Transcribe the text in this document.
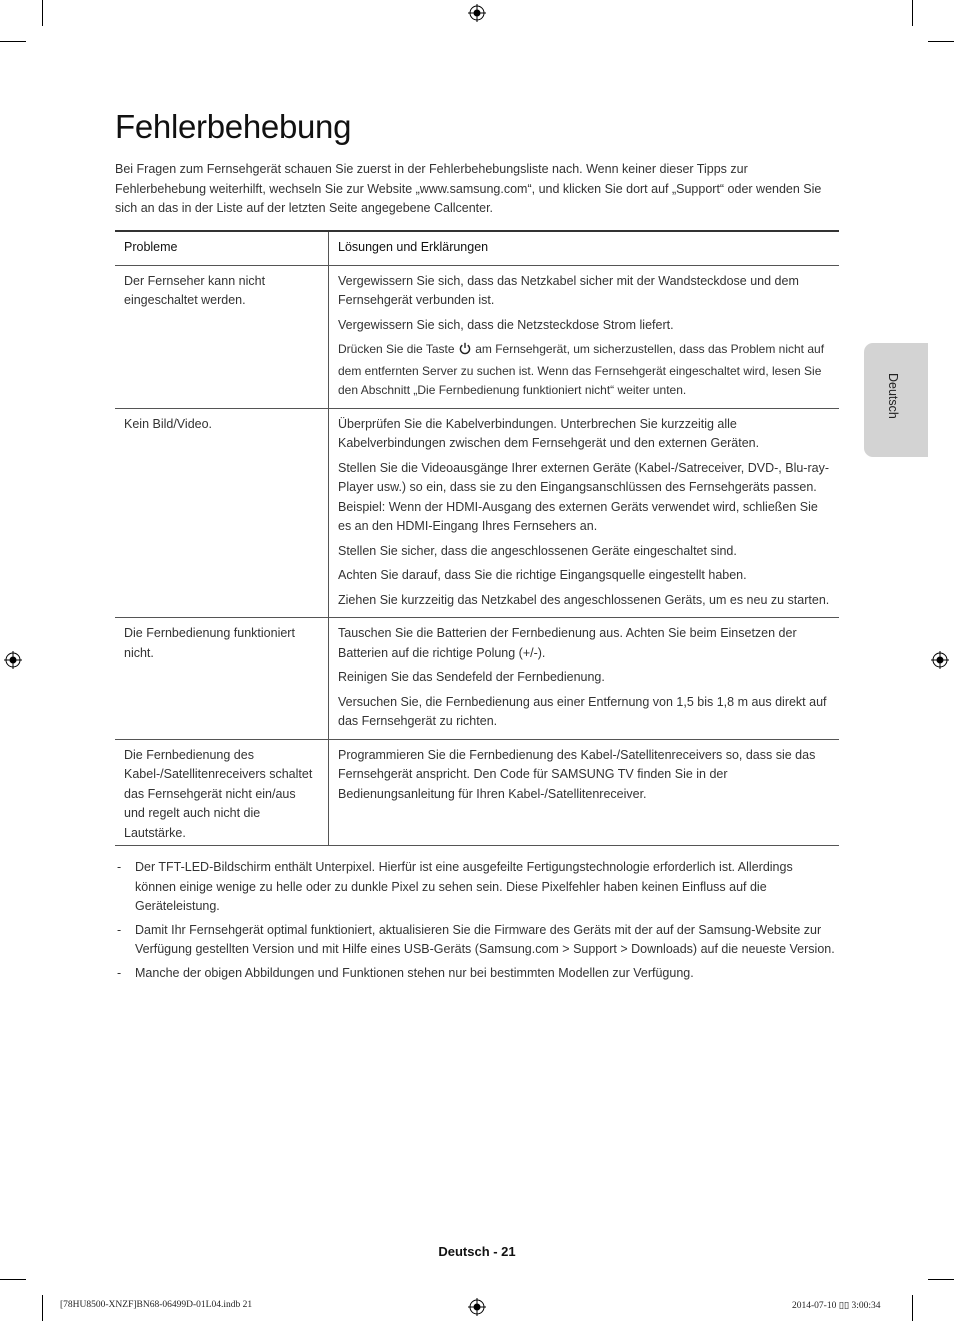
Fehlerbehebung

Bei Fragen zum Fernsehgerät schauen Sie zuerst in der Fehlerbehebungsliste nach. Wenn keiner dieser Tipps zur Fehlerbehebung weiterhilft, wechseln Sie zur Website „www.samsung.com“, und klicken Sie dort auf „Support“ oder wenden Sie sich an das in der Liste auf der letzten Seite angegebene Callcenter.

Probleme	Lösungen und Erklärungen
Der Fernseher kann nicht eingeschaltet werden.	Vergewissern Sie sich, dass das Netzkabel sicher mit der Wandsteckdose und dem Fernsehgerät verbunden ist.

Vergewissern Sie sich, dass die Netzsteckdose Strom liefert.

Drücken Sie die Taste am Fernsehgerät, um sicherzustellen, dass das Problem nicht auf dem entfernten Server zu suchen ist. Wenn das Fernsehgerät eingeschaltet wird, lesen Sie den Abschnitt „Die Fernbedienung funktioniert nicht“ weiter unten.

Kein Bild/Video.	Überprüfen Sie die Kabelverbindungen. Unterbrechen Sie kurzzeitig alle Kabelverbindungen zwischen dem Fernsehgerät und den externen Geräten.

Stellen Sie die Videoausgänge Ihrer externen Geräte (Kabel-/Satreceiver, DVD-, Blu-ray-Player usw.) so ein, dass sie zu den Eingangsanschlüssen des Fernsehgeräts passen. Beispiel: Wenn der HDMI-Ausgang des externen Geräts verwendet wird, schließen Sie es an den HDMI-Eingang Ihres Fernsehers an.

Stellen Sie sicher, dass die angeschlossenen Geräte eingeschaltet sind.

Achten Sie darauf, dass Sie die richtige Eingangsquelle eingestellt haben.

Ziehen Sie kurzzeitig das Netzkabel des angeschlossenen Geräts, um es neu zu starten.

Die Fernbedienung funktioniert nicht.	Tauschen Sie die Batterien der Fernbedienung aus. Achten Sie beim Einsetzen der Batterien auf die richtige Polung (+/-).

Reinigen Sie das Sendefeld der Fernbedienung.

Versuchen Sie, die Fernbedienung aus einer Entfernung von 1,5 bis 1,8 m aus direkt auf das Fernsehgerät zu richten.

Die Fernbedienung des Kabel-/Satellitenreceivers schaltet das Fernsehgerät nicht ein/aus und regelt auch nicht die Lautstärke.	Programmieren Sie die Fernbedienung des Kabel-/Satellitenreceivers so, dass sie das Fernsehgerät anspricht. Den Code für SAMSUNG TV finden Sie in der Bedienungsanleitung für Ihren Kabel-/Satellitenreceiver.

- Der TFT-LED-Bildschirm enthält Unterpixel. Hierfür ist eine ausgefeilte Fertigungstechnologie erforderlich ist. Allerdings können einige wenige zu helle oder zu dunkle Pixel zu sehen sein. Diese Pixelfehler haben keinen Einfluss auf die Geräteleistung.
- Damit Ihr Fernsehgerät optimal funktioniert, aktualisieren Sie die Firmware des Geräts mit der auf der Samsung-Website zur Verfügung gestellten Version und mit Hilfe eines USB-Geräts (Samsung.com > Support > Downloads) auf die neueste Version.
- Manche der obigen Abbildungen und Funktionen stehen nur bei bestimmten Modellen zur Verfügung.
Deutsch
Deutsch - 21
[78HU8500-XNZF]BN68-06499D-01L04.indb 21	2014-07-10 ▯▯ 3:00:34
